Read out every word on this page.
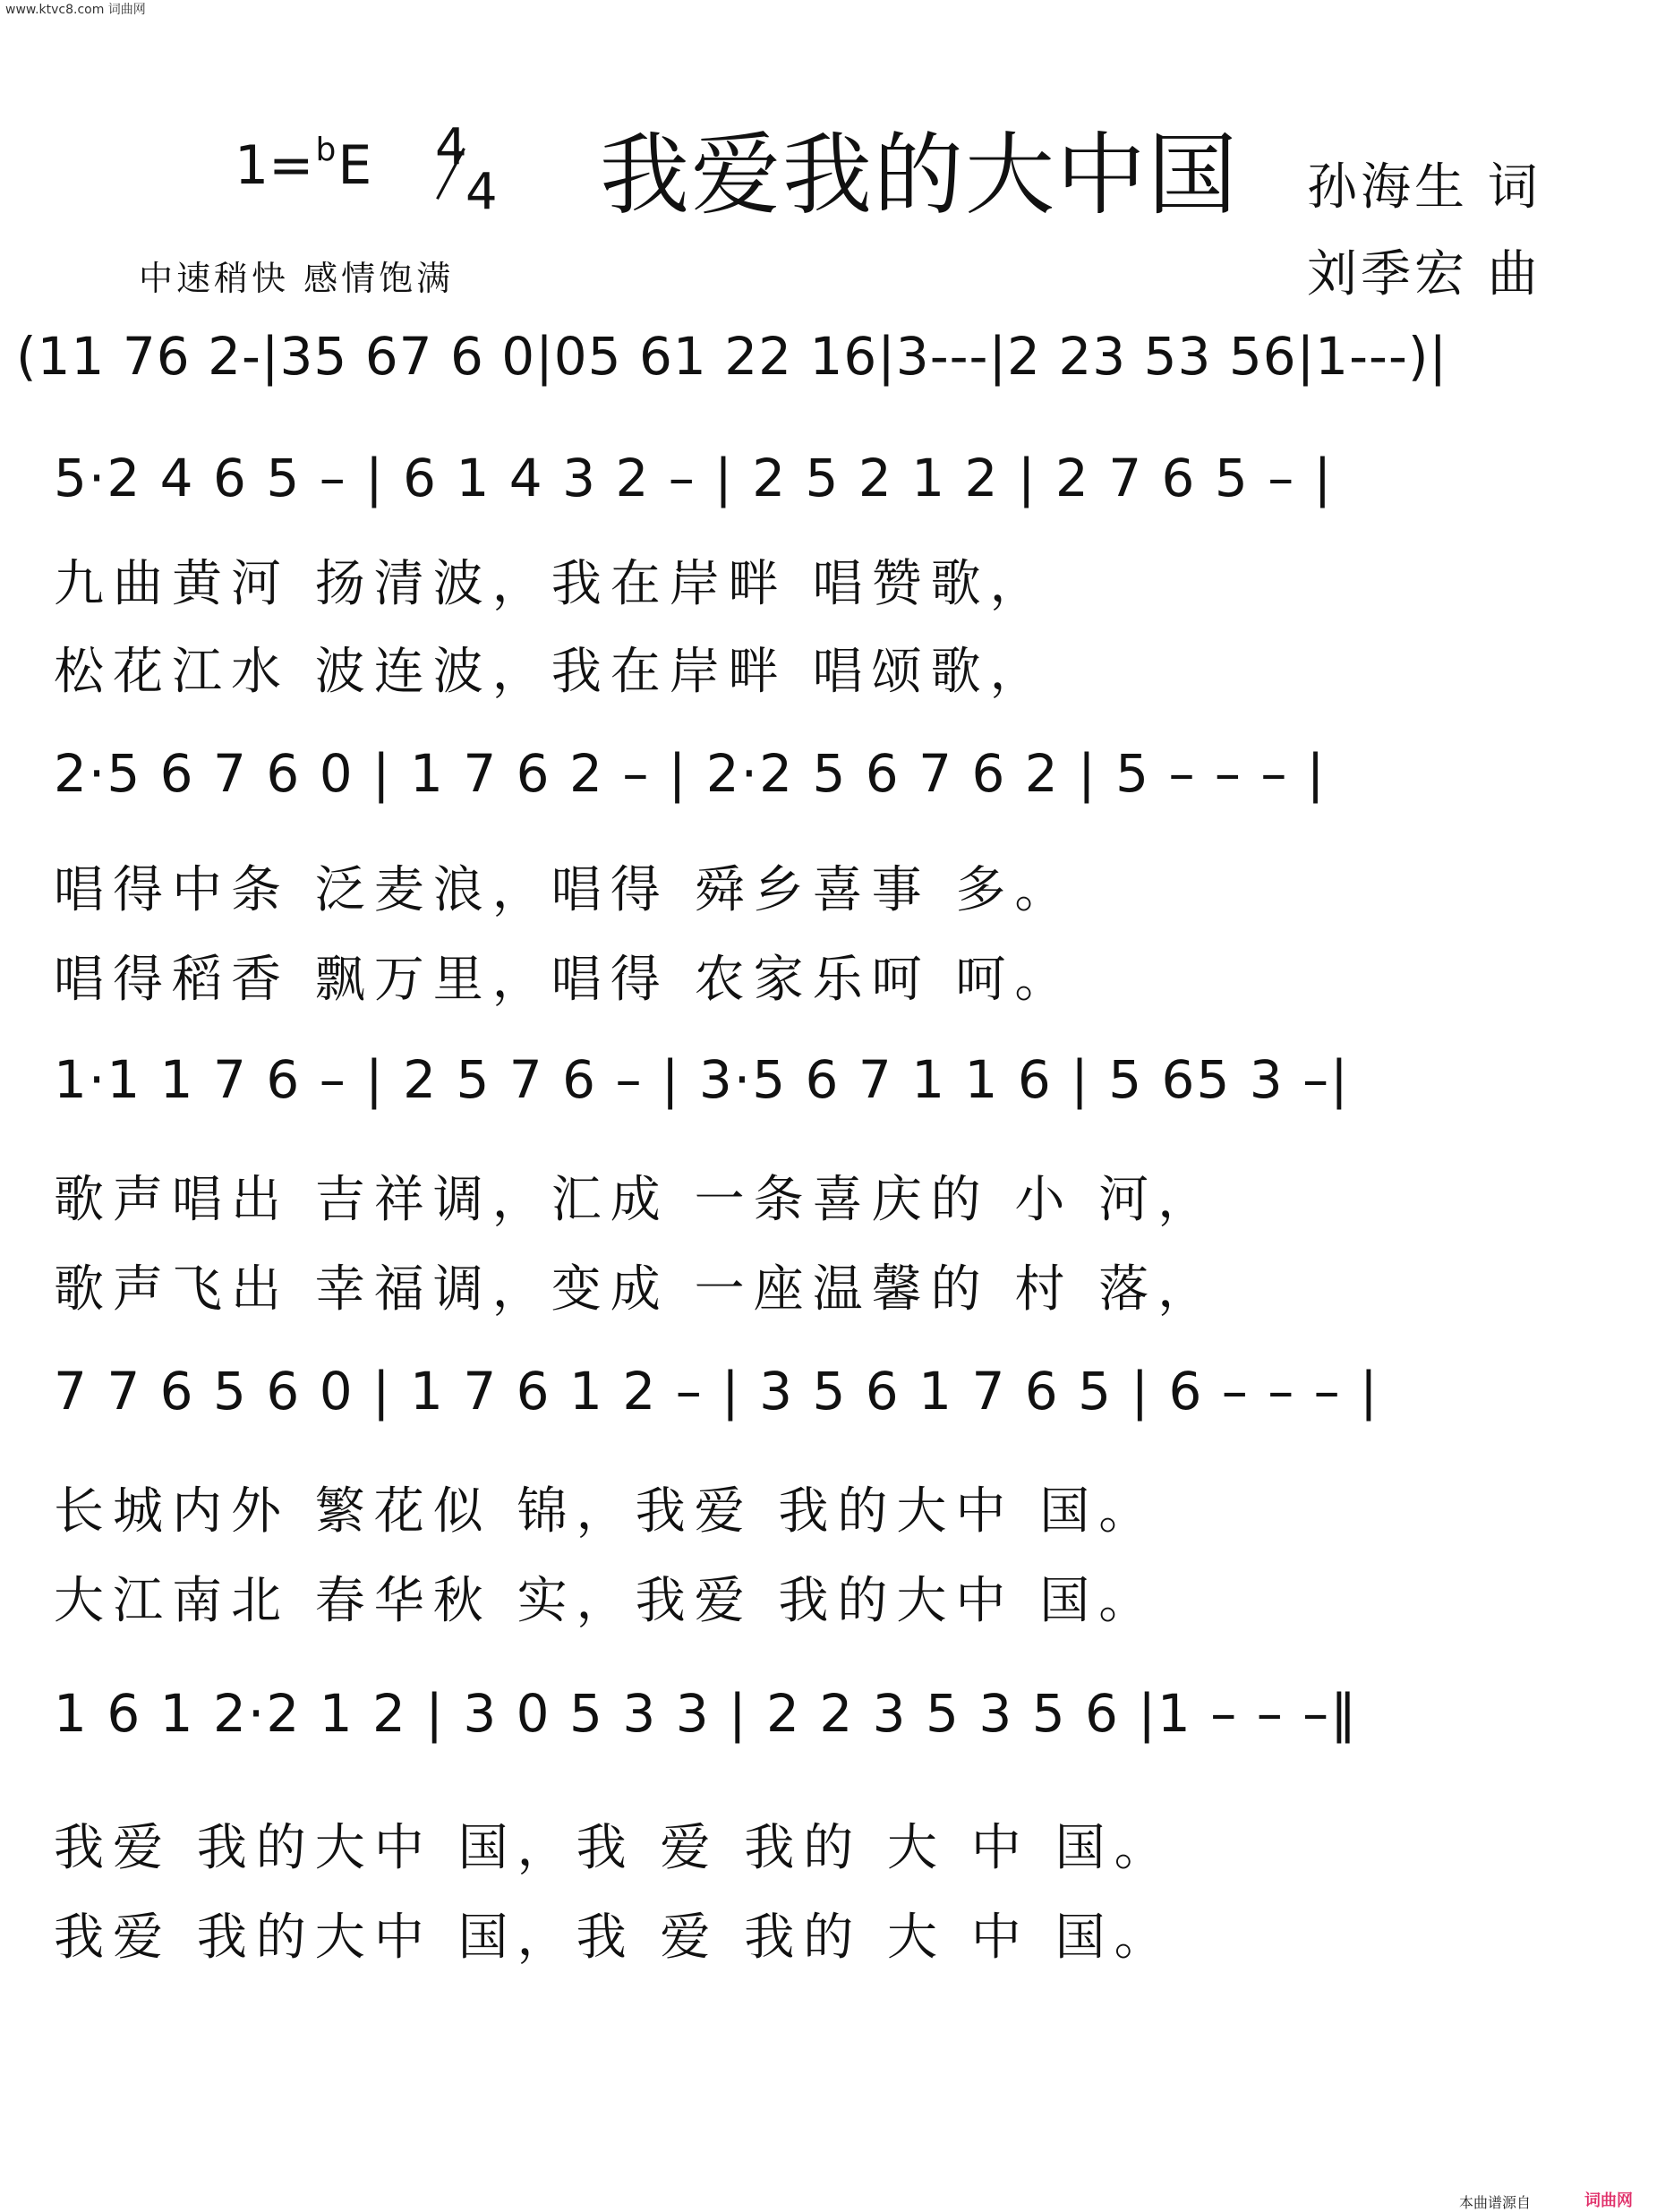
www.ktvc8.com 词曲网
1=$^b$E 4
4 我爱我的大中国 孙海生 词
刘季宏 曲
中速稍快 感情饱满
(11 76 2-|35 67 6 0|05 61 22 16|3---|2 23 53 56|1---)|
5·2 4 6 5 – | 6 1 4 3 2 – | 2 5 2 1 2 | 2 7 6 5 – |
九曲黄河 扬清波，我在岸畔 唱赞歌，
松花江水 波连波，我在岸畔 唱颂歌，
2·5 6 7 6 0 | 1 7 6 2 – | 2·2 5 6 7 6 2 | 5 – – – |
唱得中条 泛麦浪，唱得 舜乡喜事 多。
唱得稻香 飘万里，唱得 农家乐呵 呵。
1·1 1 7 6 – | 2 5 7 6 – | 3·5 6 7 1 1 6 | 5 65 3 –|
歌声唱出 吉祥调，汇成 一条喜庆的 小 河，
歌声飞出 幸福调，变成 一座温馨的 村 落，
7 7 6 5 6 0 | 1 7 6 1 2 – | 3 5 6 1 7 6 5 | 6 – – – |
长城内外 繁花似 锦，我爱 我的大中 国。
大江南北 春华秋 实，我爱 我的大中 国。
1 6 1 2·2 1 2 | 3 0 5 3 3 | 2 2 3 5 3 5 6 |1 – – –‖
我爱 我的大中 国，我 爱 我的 大 中 国。
我爱 我的大中 国，我 爱 我的 大 中 国。
本曲谱源自	词曲网
